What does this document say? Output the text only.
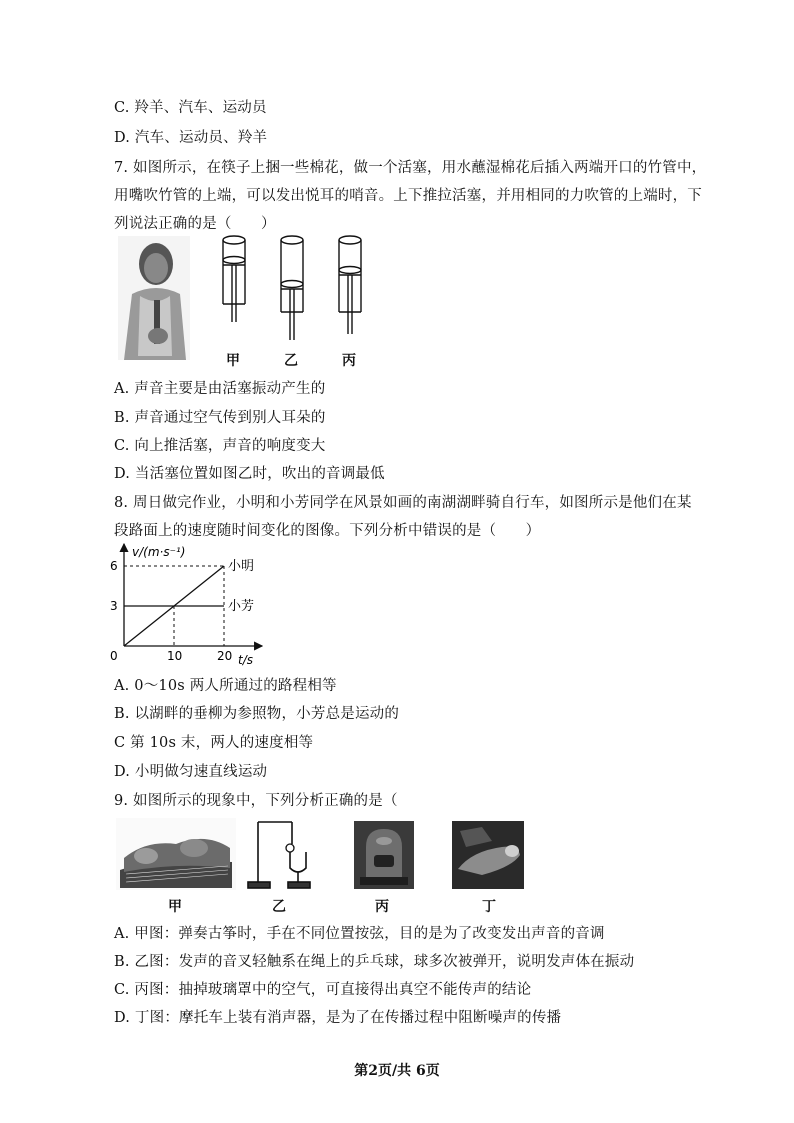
C. 羚羊、汽车、运动员
D. 汽车、运动员、羚羊
7. 如图所示，在筷子上捆一些棉花，做一个活塞，用水蘸湿棉花后插入两端开口的竹管中，
用嘴吹竹管的上端，可以发出悦耳的哨音。上下推拉活塞，并用相同的力吹管的上端时，下
列说法正确的是（　　）
甲	乙	丙
A. 声音主要是由活塞振动产生的
B. 声音通过空气传到别人耳朵的
C. 向上推活塞，声音的响度变大
D. 当活塞位置如图乙时，吹出的音调最低
8. 周日做完作业，小明和小芳同学在风景如画的南湖湖畔骑自行车，如图所示是他们在某
段路面上的速度随时间变化的图像。下列分析中错误的是（　　）
3
6
10	20
小明
小芳
v/(m·s⁻¹)
t/s
0
A. 0～10s 两人所通过的路程相等
B. 以湖畔的垂柳为参照物，小芳总是运动的
C 第 10s 末，两人的速度相等
D. 小明做匀速直线运动
9. 如图所示的现象中，下列分析正确的是（
甲	乙	丙	丁
A. 甲图：弹奏古筝时，手在不同位置按弦，目的是为了改变发出声音的音调
B. 乙图：发声的音叉轻触系在绳上的乒乓球，球多次被弹开，说明发声体在振动
C. 丙图：抽掉玻璃罩中的空气，可直接得出真空不能传声的结论
D. 丁图：摩托车上装有消声器，是为了在传播过程中阻断噪声的传播
第2页/共 6页
